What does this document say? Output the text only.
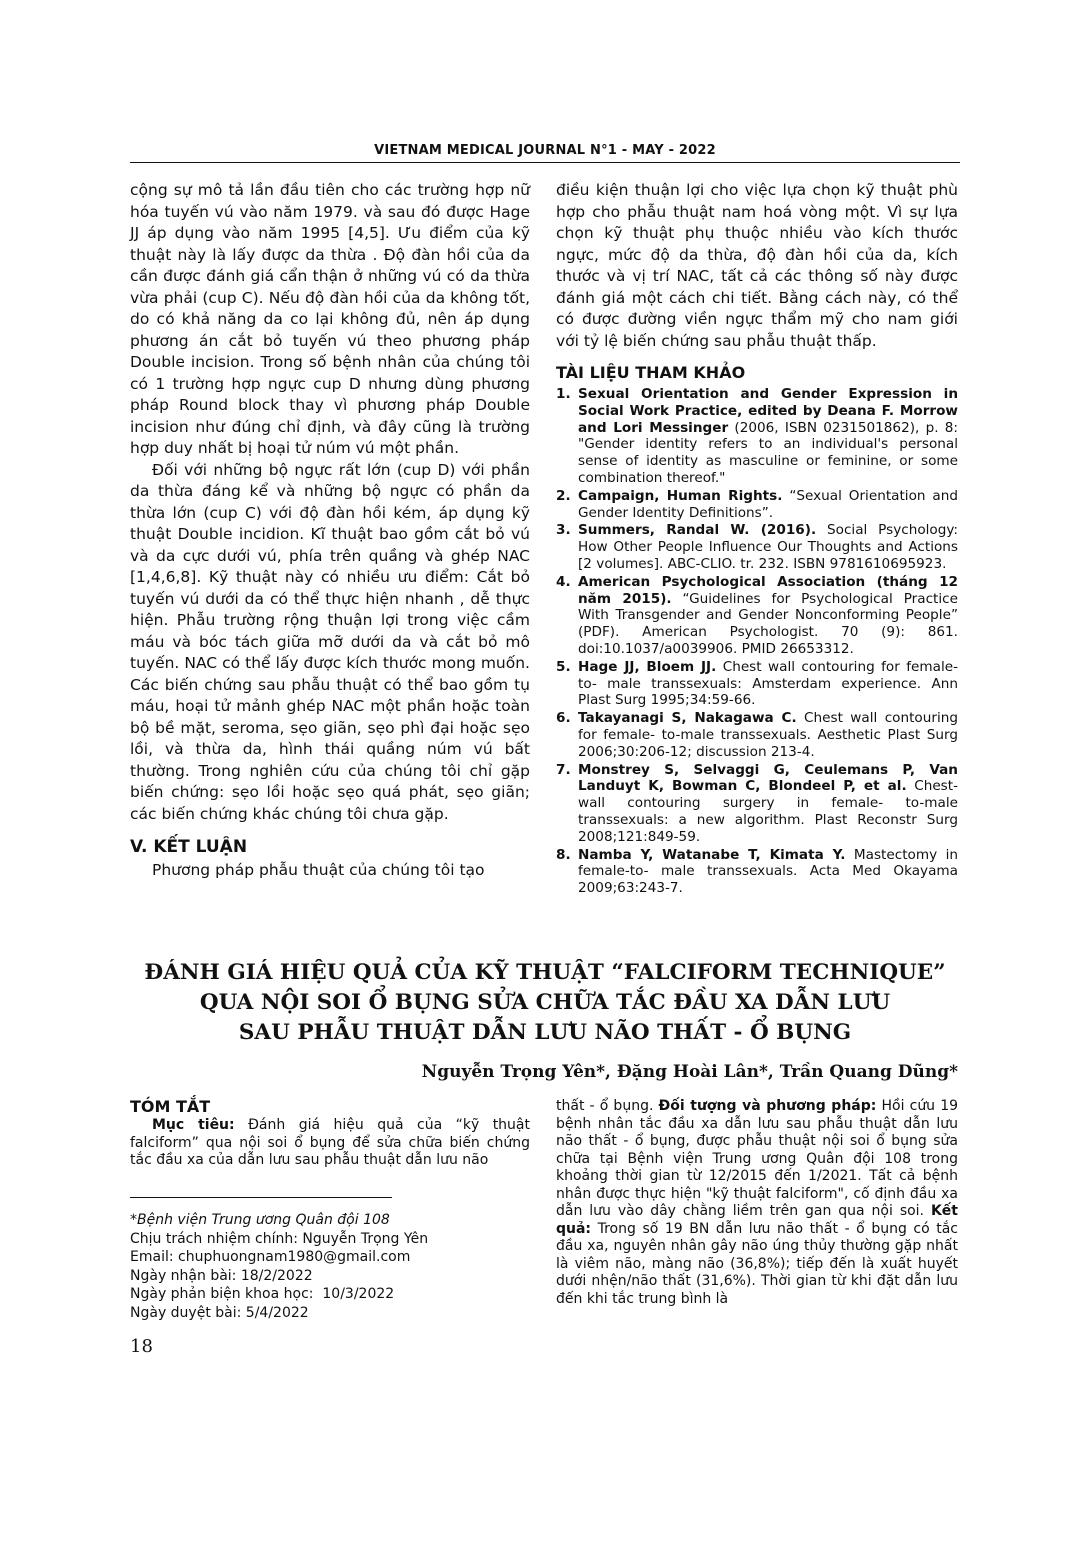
VIETNAM MEDICAL JOURNAL N°1 - MAY - 2022

cộng sự mô tả lần đầu tiên cho các trường hợp nữ hóa tuyến vú vào năm 1979. và sau đó được Hage JJ áp dụng vào năm 1995 [4,5]. Ưu điểm của kỹ thuật này là lấy được da thừa . Độ đàn hồi của da cần được đánh giá cẩn thận ở những vú có da thừa vừa phải (cup C). Nếu độ đàn hồi của da không tốt, do có khả năng da co lại không đủ, nên áp dụng phương án cắt bỏ tuyến vú theo phương pháp Double incision. Trong số bệnh nhân của chúng tôi có 1 trường hợp ngực cup D nhưng dùng phương pháp Round block thay vì phương pháp Double incision như đúng chỉ định, và đây cũng là trường hợp duy nhất bị hoại tử núm vú một phần.

Đối với những bộ ngực rất lớn (cup D) với phần da thừa đáng kể và những bộ ngực có phần da thừa lớn (cup C) với độ đàn hồi kém, áp dụng kỹ thuật Double incidion. Kĩ thuật bao gồm cắt bỏ vú và da cực dưới vú, phía trên quầng và ghép NAC [1,4,6,8]. Kỹ thuật này có nhiều ưu điểm: Cắt bỏ tuyến vú dưới da có thể thực hiện nhanh , dễ thực hiện. Phẫu trường rộng thuận lợi trong việc cầm máu và bóc tách giữa mỡ dưới da và cắt bỏ mô tuyến. NAC có thể lấy được kích thước mong muốn. Các biến chứng sau phẫu thuật có thể bao gồm tụ máu, hoại tử mảnh ghép NAC một phần hoặc toàn bộ bề mặt, seroma, sẹo giãn, sẹo phì đại hoặc sẹo lồi, và thừa da, hình thái quầng núm vú bất thường. Trong nghiên cứu của chúng tôi chỉ gặp biến chứng: sẹo lồi hoặc sẹo quá phát, sẹo giãn; các biến chứng khác chúng tôi chưa gặp.

V. KẾT LUẬN

Phương pháp phẫu thuật của chúng tôi tạo

điều kiện thuận lợi cho việc lựa chọn kỹ thuật phù hợp cho phẫu thuật nam hoá vòng một. Vì sự lựa chọn kỹ thuật phụ thuộc nhiều vào kích thước ngực, mức độ da thừa, độ đàn hồi của da, kích thước và vị trí NAC, tất cả các thông số này được đánh giá một cách chi tiết. Bằng cách này, có thể có được đường viền ngực thẩm mỹ cho nam giới với tỷ lệ biến chứng sau phẫu thuật thấp.

TÀI LIỆU THAM KHẢO
1. Sexual Orientation and Gender Expression in Social Work Practice, edited by Deana F. Morrow and Lori Messinger (2006, ISBN 0231501862), p. 8: "Gender identity refers to an individual's personal sense of identity as masculine or feminine, or some combination thereof."
2. Campaign, Human Rights. “Sexual Orientation and Gender Identity Definitions”.
3. Summers, Randal W. (2016). Social Psychology: How Other People Influence Our Thoughts and Actions [2 volumes]. ABC-CLIO. tr. 232. ISBN 9781610695923.
4. American Psychological Association (tháng 12 năm 2015). “Guidelines for Psychological Practice With Transgender and Gender Nonconforming People” (PDF). American Psychologist. 70 (9): 861. doi:10.1037/a0039906. PMID 26653312.
5. Hage JJ, Bloem JJ. Chest wall contouring for female-to- male transsexuals: Amsterdam experience. Ann Plast Surg 1995;34:59-66.
6. Takayanagi S, Nakagawa C. Chest wall contouring for female- to-male transsexuals. Aesthetic Plast Surg 2006;30:206-12; discussion 213-4.
7. Monstrey S, Selvaggi G, Ceulemans P, Van Landuyt K, Bowman C, Blondeel P, et al. Chest-wall contouring surgery in female- to-male transsexuals: a new algorithm. Plast Reconstr Surg 2008;121:849-59.
8. Namba Y, Watanabe T, Kimata Y. Mastectomy in female-to- male transsexuals. Acta Med Okayama 2009;63:243-7.
ĐÁNH GIÁ HIỆU QUẢ CỦA KỸ THUẬT “FALCIFORM TECHNIQUE”
QUA NỘI SOI Ổ BỤNG SỬA CHỮA TẮC ĐẦU XA DẪN LƯU
SAU PHẪU THUẬT DẪN LƯU NÃO THẤT - Ổ BỤNG
Nguyễn Trọng Yên*, Đặng Hoài Lân*, Trần Quang Dũng*
TÓM TẮT

Mục tiêu: Đánh giá hiệu quả của “kỹ thuật falciform” qua nội soi ổ bụng để sửa chữa biến chứng tắc đầu xa của dẫn lưu sau phẫu thuật dẫn lưu não

thất - ổ bụng. Đối tượng và phương pháp: Hồi cứu 19 bệnh nhân tắc đầu xa dẫn lưu sau phẫu thuật dẫn lưu não thất - ổ bụng, được phẫu thuật nội soi ổ bụng sửa chữa tại Bệnh viện Trung ương Quân đội 108 trong khoảng thời gian từ 12/2015 đến 1/2021. Tất cả bệnh nhân được thực hiện "kỹ thuật falciform", cố định đầu xa dẫn lưu vào dây chằng liềm trên gan qua nội soi. Kết quả: Trong số 19 BN dẫn lưu não thất - ổ bụng có tắc đầu xa, nguyên nhân gây não úng thủy thường gặp nhất là viêm não, màng não (36,8%); tiếp đến là xuất huyết dưới nhện/não thất (31,6%). Thời gian từ khi đặt dẫn lưu đến khi tắc trung bình là

*Bệnh viện Trung ương Quân đội 108
Chịu trách nhiệm chính: Nguyễn Trọng Yên
Email: chuphuongnam1980@gmail.com
Ngày nhận bài: 18/2/2022
Ngày phản biện khoa học:  10/3/2022
Ngày duyệt bài: 5/4/2022
18
